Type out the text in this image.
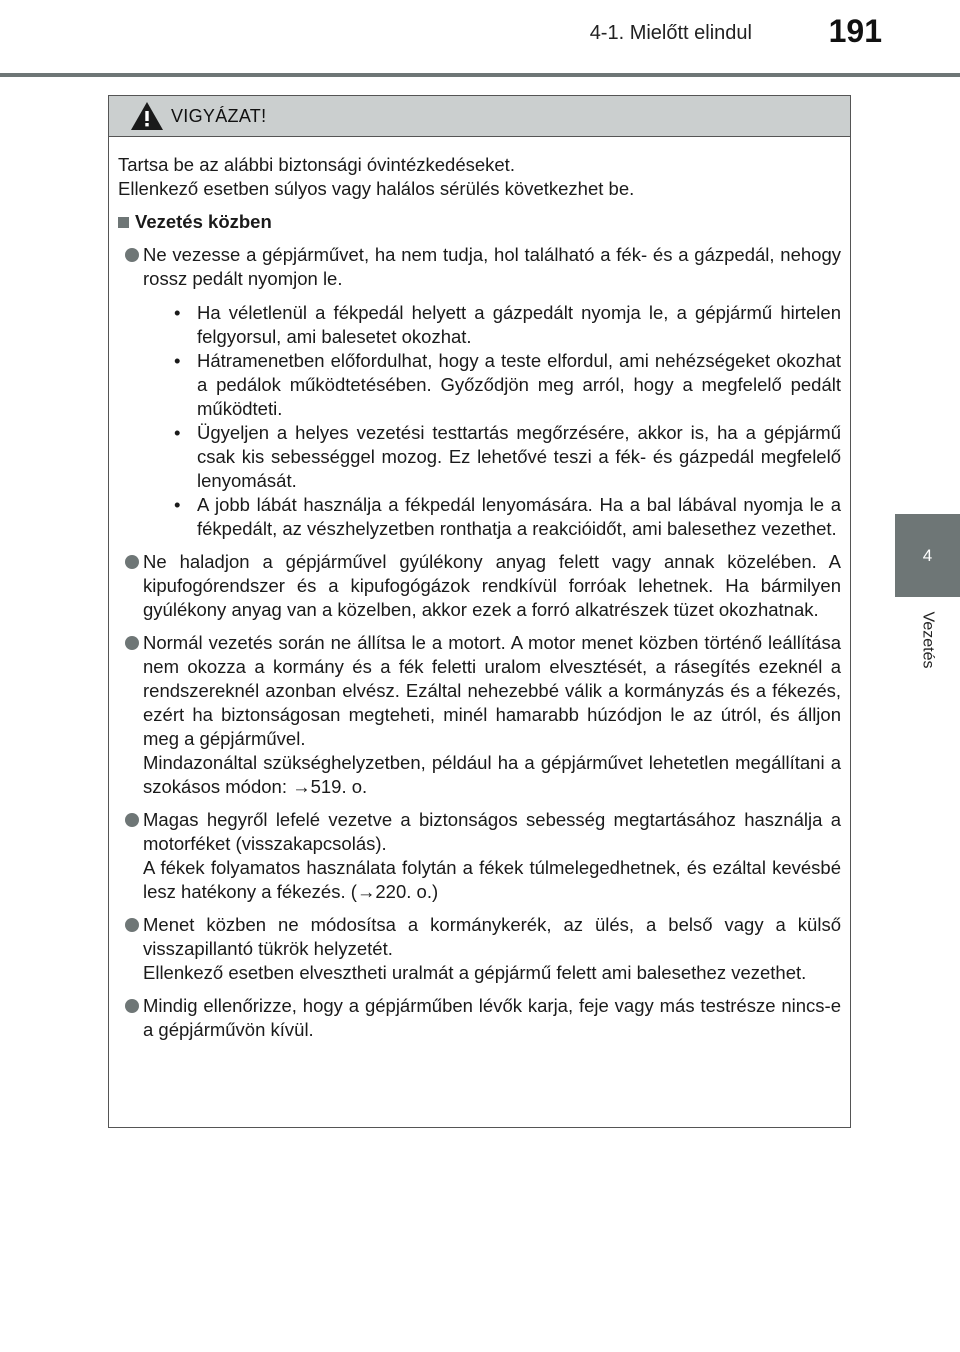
4-1. Mielőtt elindul 191
4
Vezetés
VIGYÁZAT!

Tartsa be az alábbi biztonsági óvintézkedéseket.

Ellenkező esetben súlyos vagy halálos sérülés következhet be.

Vezetés közben

Ne vezesse a gépjárművet, ha nem tudja, hol található a fék- és a gázpedál, nehogy rossz pedált nyomjon le.

• Ha véletlenül a fékpedál helyett a gázpedált nyomja le, a gépjármű hirtelen felgyorsul, ami balesetet okozhat.
• Hátramenetben előfordulhat, hogy a teste elfordul, ami nehézségeket okozhat a pedálok működtetésében. Győződjön meg arról, hogy a megfelelő pedált működteti.
• Ügyeljen a helyes vezetési testtartás megőrzésére, akkor is, ha a gépjármű csak kis sebességgel mozog. Ez lehetővé teszi a fék- és gázpedál megfelelő lenyomását.
• A jobb lábát használja a fékpedál lenyomására. Ha a bal lábával nyomja le a fékpedált, az vészhelyzetben ronthatja a reakcióidőt, ami balesethez vezethet.

Ne haladjon a gépjárművel gyúlékony anyag felett vagy annak közelében. A kipufogórendszer és a kipufogógázok rendkívül forróak lehetnek. Ha bármilyen gyúlékony anyag van a közelben, akkor ezek a forró alkatrészek tüzet okozhatnak.

Normál vezetés során ne állítsa le a motort. A motor menet közben történő leállítása nem okozza a kormány és a fék feletti uralom elvesztését, a rásegítés ezeknél a rendszereknél azonban elvész. Ezáltal nehezebbé válik a kormányzás és a fékezés, ezért ha biztonságosan megteheti, minél hamarabb húzódjon le az útról, és álljon meg a gépjárművel.

Mindazonáltal szükséghelyzetben, például ha a gépjárművet lehetetlen megállítani a szokásos módon: →519. o.

Magas hegyről lefelé vezetve a biztonságos sebesség megtartásához használja a motorféket (visszakapcsolás).

A fékek folyamatos használata folytán a fékek túlmelegedhetnek, és ezáltal kevésbé lesz hatékony a fékezés. (→220. o.)

Menet közben ne módosítsa a kormánykerék, az ülés, a belső vagy a külső visszapillantó tükrök helyzetét.

Ellenkező esetben elvesztheti uralmát a gépjármű felett ami balesethez vezethet.

Mindig ellenőrizze, hogy a gépjárműben lévők karja, feje vagy más testrésze nincs-e a gépjárművön kívül.
